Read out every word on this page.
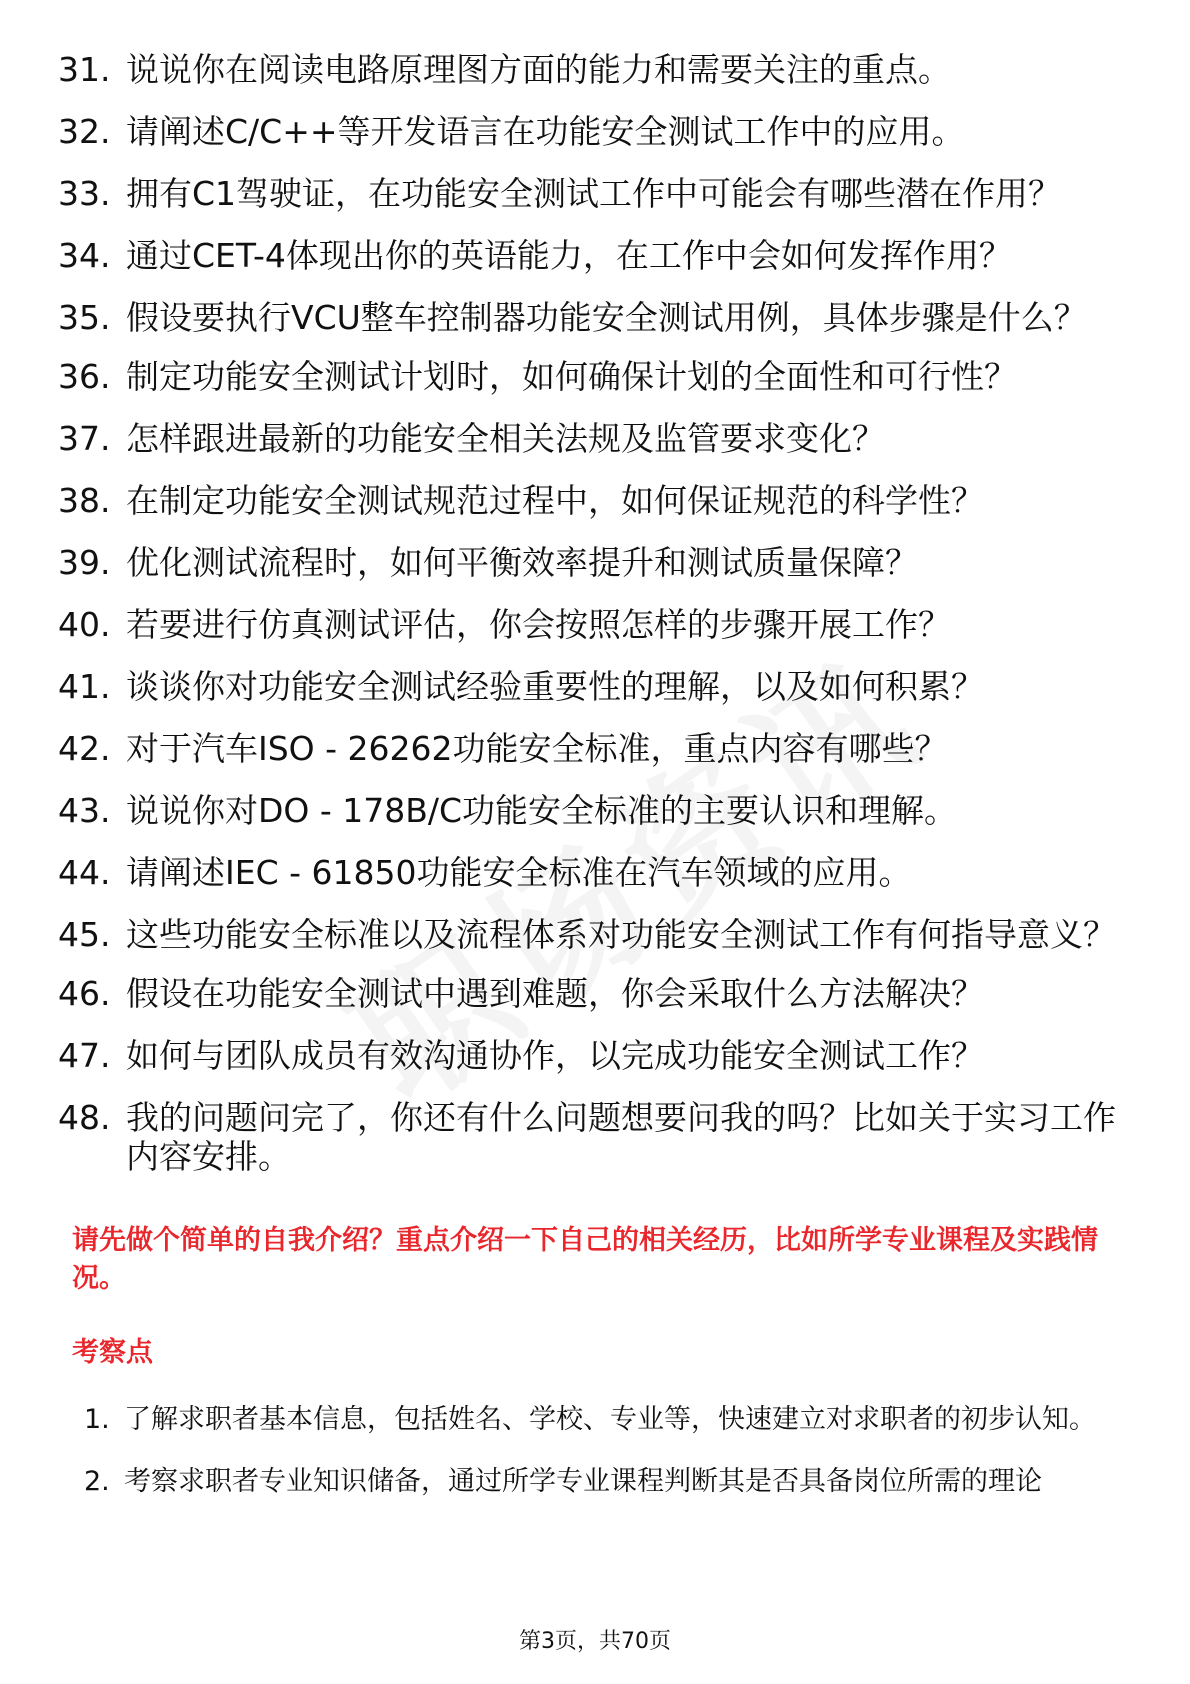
31. 说说你在阅读电路原理图方面的能力和需要关注的重点。
32. 请阐述C/C++等开发语言在功能安全测试工作中的应用。
33. 拥有C1驾驶证，在功能安全测试工作中可能会有哪些潜在作用？
34. 通过CET-4体现出你的英语能力，在工作中会如何发挥作用？
35. 假设要执行VCU整车控制器功能安全测试用例，具体步骤是什么？
36. 制定功能安全测试计划时，如何确保计划的全面性和可行性？
37. 怎样跟进最新的功能安全相关法规及监管要求变化？
38. 在制定功能安全测试规范过程中，如何保证规范的科学性？
39. 优化测试流程时，如何平衡效率提升和测试质量保障？
40. 若要进行仿真测试评估，你会按照怎样的步骤开展工作？
41. 谈谈你对功能安全测试经验重要性的理解，以及如何积累？
42. 对于汽车ISO - 26262功能安全标准，重点内容有哪些？
43. 说说你对DO - 178B/C功能安全标准的主要认识和理解。
44. 请阐述IEC - 61850功能安全标准在汽车领域的应用。
45. 这些功能安全标准以及流程体系对功能安全测试工作有何指导意义？
46. 假设在功能安全测试中遇到难题，你会采取什么方法解决？
47. 如何与团队成员有效沟通协作，以完成功能安全测试工作？
48. 我的问题问完了，你还有什么问题想要问我的吗？比如关于实习工作内容安排。
请先做个简单的自我介绍？重点介绍一下自己的相关经历，比如所学专业课程及实践情况。
考察点
1. 了解求职者基本信息，包括姓名、学校、专业等，快速建立对求职者的初步认知。
2. 考察求职者专业知识储备，通过所学专业课程判断其是否具备岗位所需的理论
第3页，共70页
